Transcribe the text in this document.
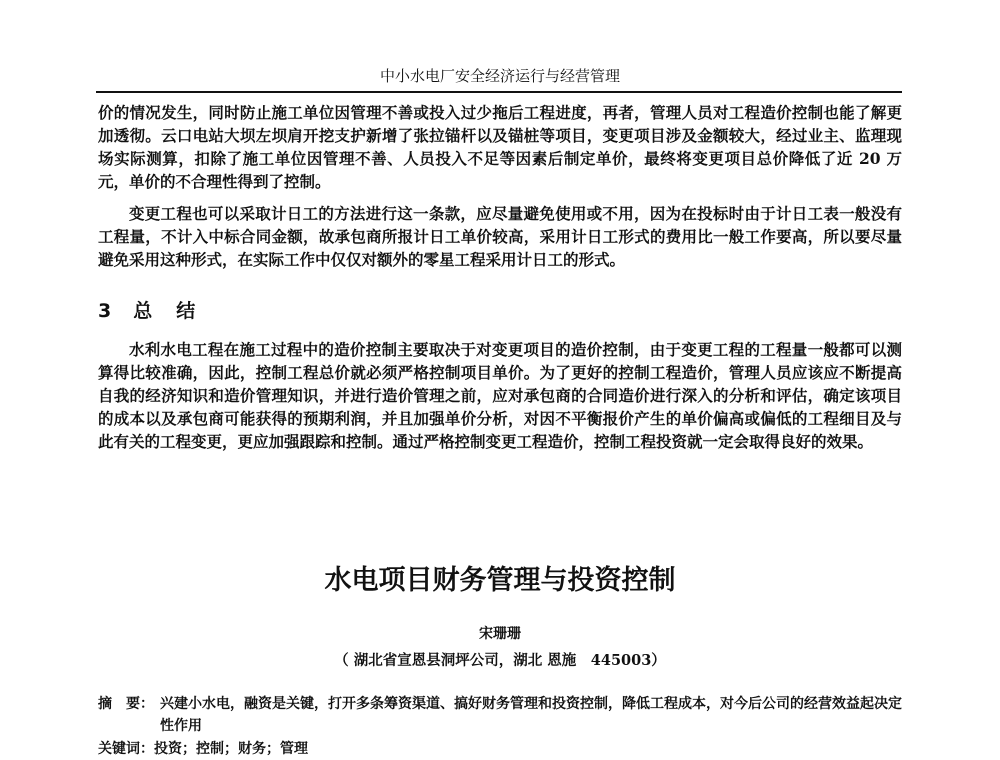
中小水电厂安全经济运行与经营管理

价的情况发生，同时防止施工单位因管理不善或投入过少拖后工程进度，再者，管理人员对工程造价控制也能了解更加透彻。云口电站大坝左坝肩开挖支护新增了张拉锚杆以及锚桩等项目，变更项目涉及金额较大，经过业主、监理现场实际测算，扣除了施工单位因管理不善、人员投入不足等因素后制定单价，最终将变更项目总价降低了近 20 万元，单价的不合理性得到了控制。

变更工程也可以采取计日工的方法进行这一条款，应尽量避免使用或不用，因为在投标时由于计日工表一般没有工程量，不计入中标合同金额，故承包商所报计日工单价较高，采用计日工形式的费用比一般工作要高，所以要尽量避免采用这种形式，在实际工作中仅仅对额外的零星工程采用计日工的形式。

3 总 结

水利水电工程在施工过程中的造价控制主要取决于对变更项目的造价控制，由于变更工程的工程量一般都可以测算得比较准确，因此，控制工程总价就必须严格控制项目单价。为了更好的控制工程造价，管理人员应该应不断提高自我的经济知识和造价管理知识，并进行造价管理之前，应对承包商的合同造价进行深入的分析和评估，确定该项目的成本以及承包商可能获得的预期利润，并且加强单价分析，对因不平衡报价产生的单价偏高或偏低的工程细目及与此有关的工程变更，更应加强跟踪和控制。通过严格控制变更工程造价，控制工程投资就一定会取得良好的效果。

水电项目财务管理与投资控制
宋珊珊
（ 湖北省宣恩县洞坪公司，湖北 恩施　445003）
摘　要： 兴建小水电，融资是关键，打开多条筹资渠道、搞好财务管理和投资控制，降低工程成本，对今后公司的经营效益起决定性作用
关键词：投资；控制；财务；管理
